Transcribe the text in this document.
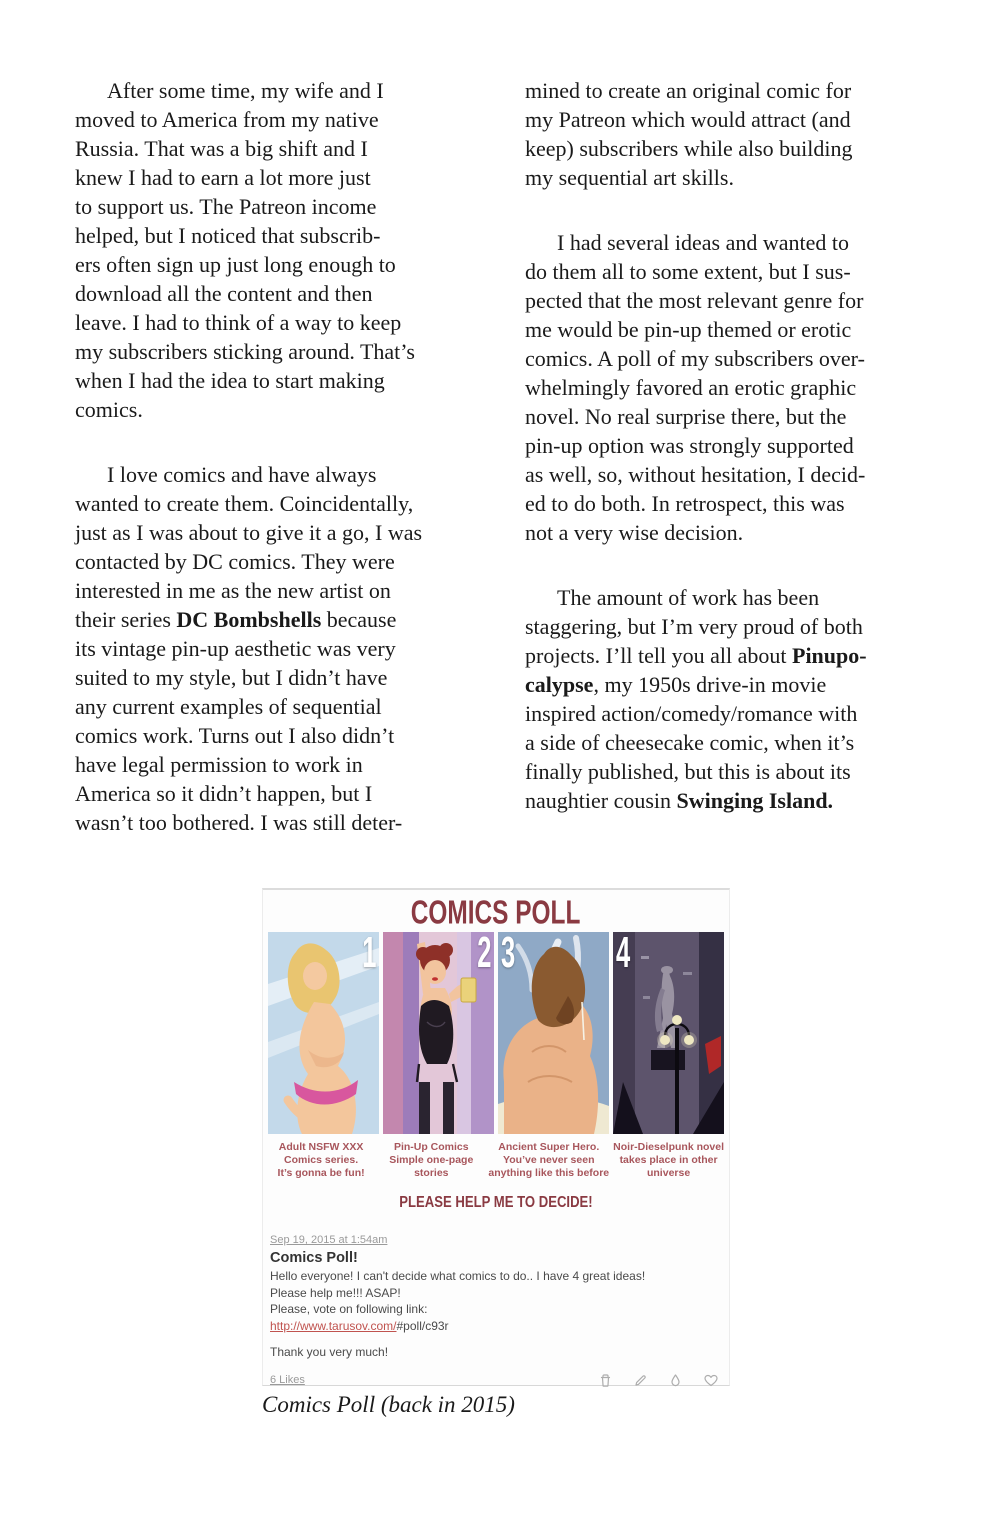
After some time, my wife and I
moved to America from my native
Russia. That was a big shift and I
knew I had to earn a lot more just
to support us. The Patreon income
helped, but I noticed that subscrib-
ers often sign up just long enough to
download all the content and then
leave. I had to think of a way to keep
my subscribers sticking around. That’s
when I had the idea to start making
comics.
I love comics and have always
wanted to create them. Coincidentally,
just as I was about to give it a go, I was
contacted by DC comics. They were
interested in me as the new artist on
their series DC Bombshells because
its vintage pin-up aesthetic was very
suited to my style, but I didn’t have
any current examples of sequential
comics work. Turns out I also didn’t
have legal permission to work in
America so it didn’t happen, but I
wasn’t too bothered. I was still deter-
mined to create an original comic for
my Patreon which would attract (and
keep) subscribers while also building
my sequential art skills.
I had several ideas and wanted to
do them all to some extent, but I sus-
pected that the most relevant genre for
me would be pin-up themed or erotic
comics. A poll of my subscribers over-
whelmingly favored an erotic graphic
novel. No real surprise there, but the
pin-up option was strongly supported
as well, so, without hesitation, I decid-
ed to do both. In retrospect, this was
not a very wise decision.
The amount of work has been
staggering, but I’m very proud of both
projects. I’ll tell you all about Pinupo-
calypse, my 1950s drive-in movie
inspired action/comedy/romance with
a side of cheesecake comic, when it’s
finally published, but this is about its
naughtier cousin Swinging Island.
COMICS POLL
1 2 3 4
Adult NSFW XXX
Comics series.
It’s gonna be fun!
Pin-Up Comics
Simple one-page
stories
Ancient Super Hero.
You’ve never seen
anything like this before
Noir-Dieselpunk novel
takes place in other
universe
PLEASE HELP ME TO DECIDE!
Sep 19, 2015 at 1:54am
Comics Poll!
Hello everyone! I can't decide what comics to do.. I have 4 great ideas!
Please help me!!! ASAP!
Please, vote on following link:
http://www.tarusov.com/#poll/c93r
Thank you very much!
6 Likes
Comics Poll (back in 2015)
